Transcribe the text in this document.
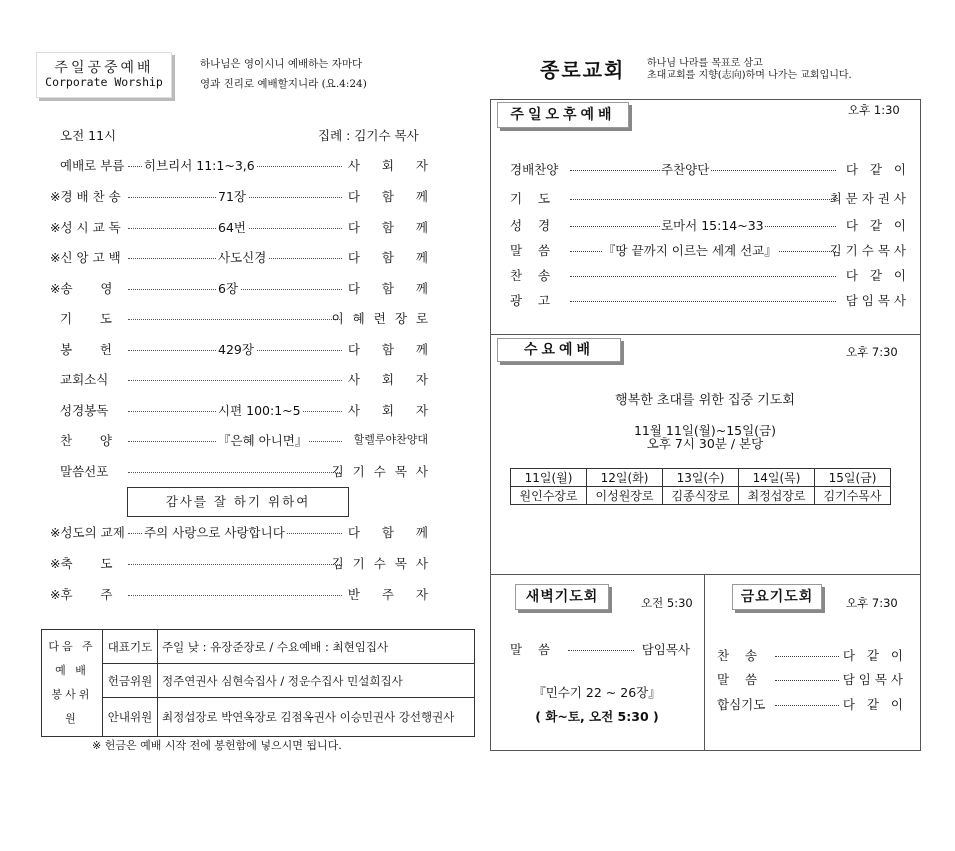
주일공중예배
Corporate Worship
하나님은 영이시니 예배하는 자마다
영과 진리로 예배할지니라 (요.4:24)
오전 11시	집례 : 김기수 목사
예배로 부름 히브리서 11:1~3,6	사 회 자
※경 배 찬 송	71장	다 함 께
※성 시 교 독	64번	다 함 께
※신 앙 고 백	사도신경	다 함 께
※송       영	6장	다 함 께
기       도	이혜련장로
봉       헌	429장	다 함 께
교회소식	사 회 자
성경봉독	시편 100:1~5	사 회 자
찬       양	『은혜 아니면』	할렐루야찬양대
말씀선포	김기수목사
감사를 잘 하기 위하여
※성도의 교제 주의 사랑으로 사랑합니다	다 함 께
※축       도	김기수목사
※후       주	반 주 자
다음 주
예 배
봉사위원	대표기도	주일 낮 : 유장준장로 / 수요예배 : 최현임집사
	헌금위원	정주연권사 심현숙집사 / 정운수집사 민설희집사
	안내위원	최정섭장로 박연옥장로 김점옥권사 이승민권사 강선행권사
※ 헌금은 예배 시작 전에 봉헌함에 넣으시면 됩니다.
종로교회 하나님 나라를 목표로 삼고
초대교회를 지향(志向)하며 나가는 교회입니다.
주일오후예배	오후 1:30
경배찬양	주찬양단	다 같 이
기    도	최문자권사
성    경	로마서 15:14~33	다 같 이
말    씀	『땅 끝까지 이르는 세계 선교』	김기수목사
찬    송	다 같 이
광    고	담임목사
수요예배	오후 7:30
행복한 초대를 위한 집중 기도회
11월 11일(월)~15일(금)
오후 7시 30분 / 본당
11일(월)	12일(화)	13일(수)	14일(목)	15일(금)
원인수장로	이성원장로	김종식장로	최정섭장로	김기수목사
새벽기도회	오전 5:30
말    씀	담임목사
『민수기 22 ~ 26장』
( 화~토, 오전 5:30 )
금요기도회	오후 7:30
찬    송	다 같 이
말    씀	담임목사
합심기도	다 같 이
